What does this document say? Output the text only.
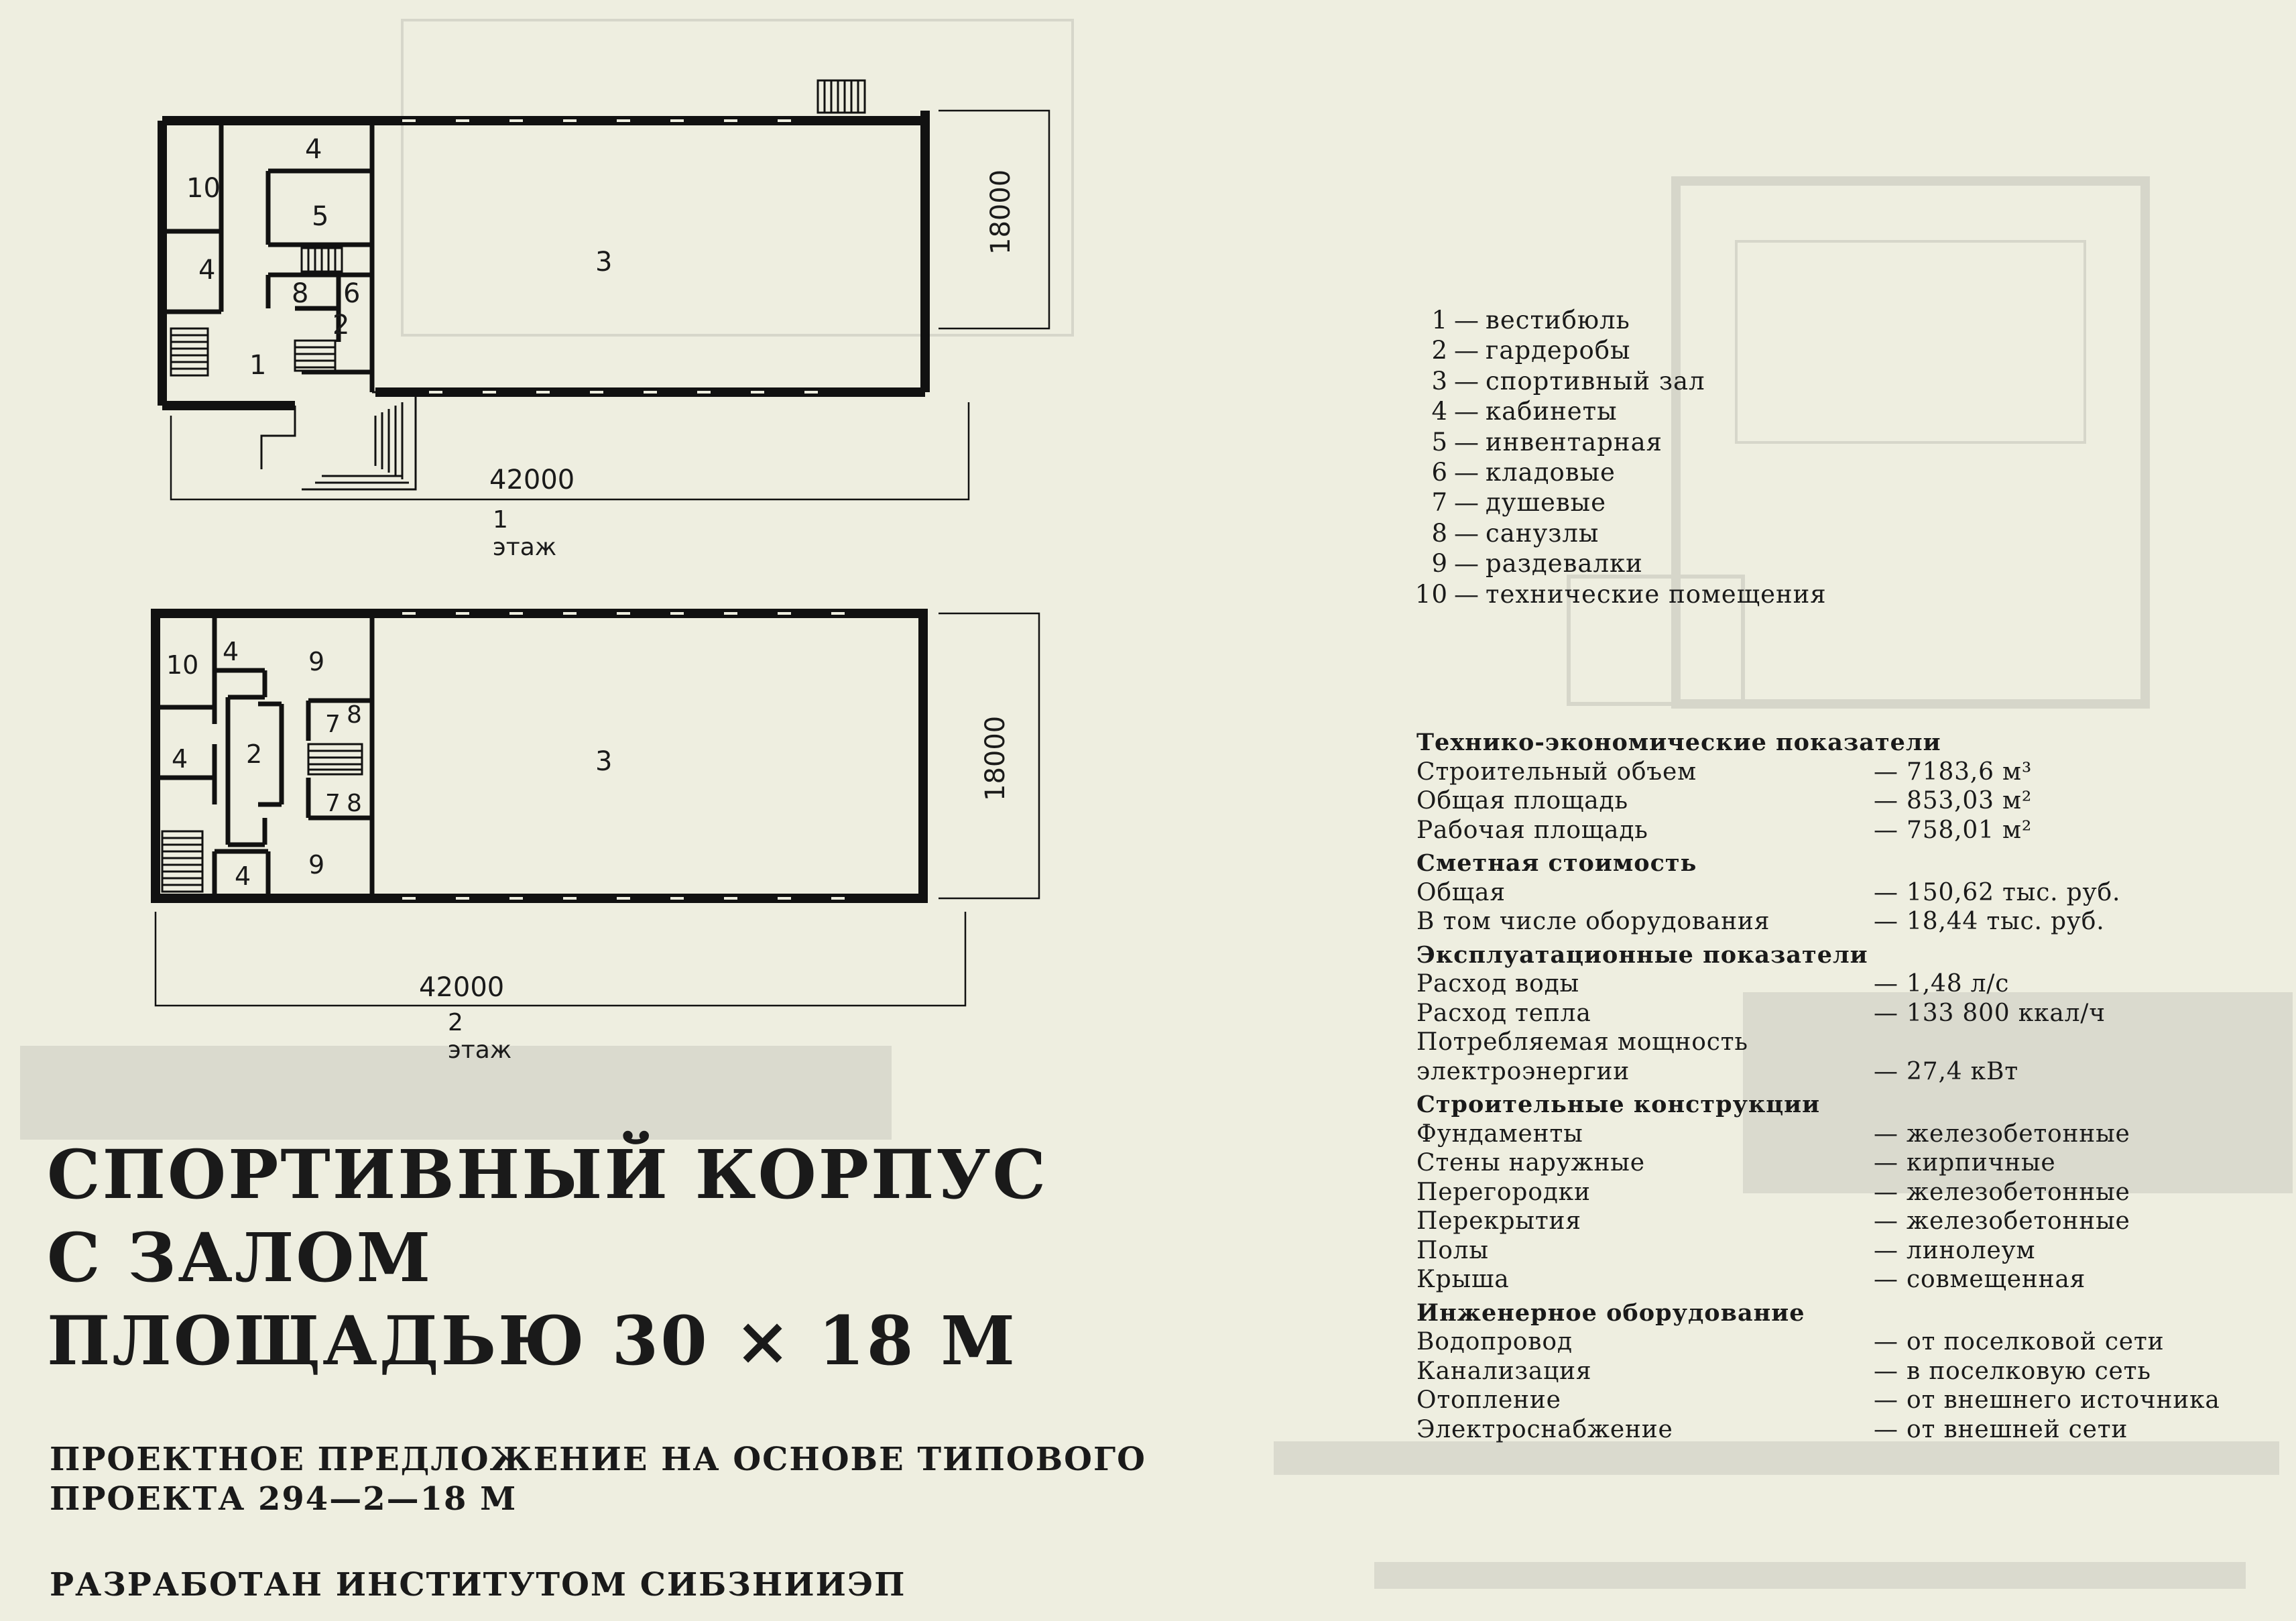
10
4
5
4
3
8 6
2
1
42000
1 этаж
18000
10 4	9
4 2
7 8
7 8
3
4 9
42000
2 этаж
18000
1 — вестибюль
2 — гардеробы
3 — спортивный зал
4 — кабинеты
5 — инвентарная
6 — кладовые
7 — душевые
8 — санузлы
9 — раздевалки
10 — технические помещения
Технико-экономические показатели
Строительный объем	— 7183,6 м³
Общая площадь	— 853,03 м²
Рабочая площадь	— 758,01 м²
Сметная стоимость
Общая	— 150,62 тыс. руб.
В том числе оборудования	— 18,44 тыс. руб.
Эксплуатационные показатели
Расход воды	— 1,48 л/с
Расход тепла	— 133 800 ккал/ч
Потребляемая мощность
электроэнергии	— 27,4 кВт
Строительные конструкции
Фундаменты	— железобетонные
Стены наружные	— кирпичные
Перегородки	— железобетонные
Перекрытия	— железобетонные
Полы	— линолеум
Крыша	— совмещенная
Инженерное оборудование
Водопровод	— от поселковой сети
Канализация	— в поселковую сеть
Отопление	— от внешнего источника
Электроснабжение	— от внешней сети
СПОРТИВНЫЙ КОРПУС
С ЗАЛОМ
ПЛОЩАДЬЮ 30 × 18 М
ПРОЕКТНОЕ ПРЕДЛОЖЕНИЕ НА ОСНОВЕ ТИПОВОГО
ПРОЕКТА 294—2—18 М
РАЗРАБОТАН ИНСТИТУТОМ СИБЗНИИЭП
